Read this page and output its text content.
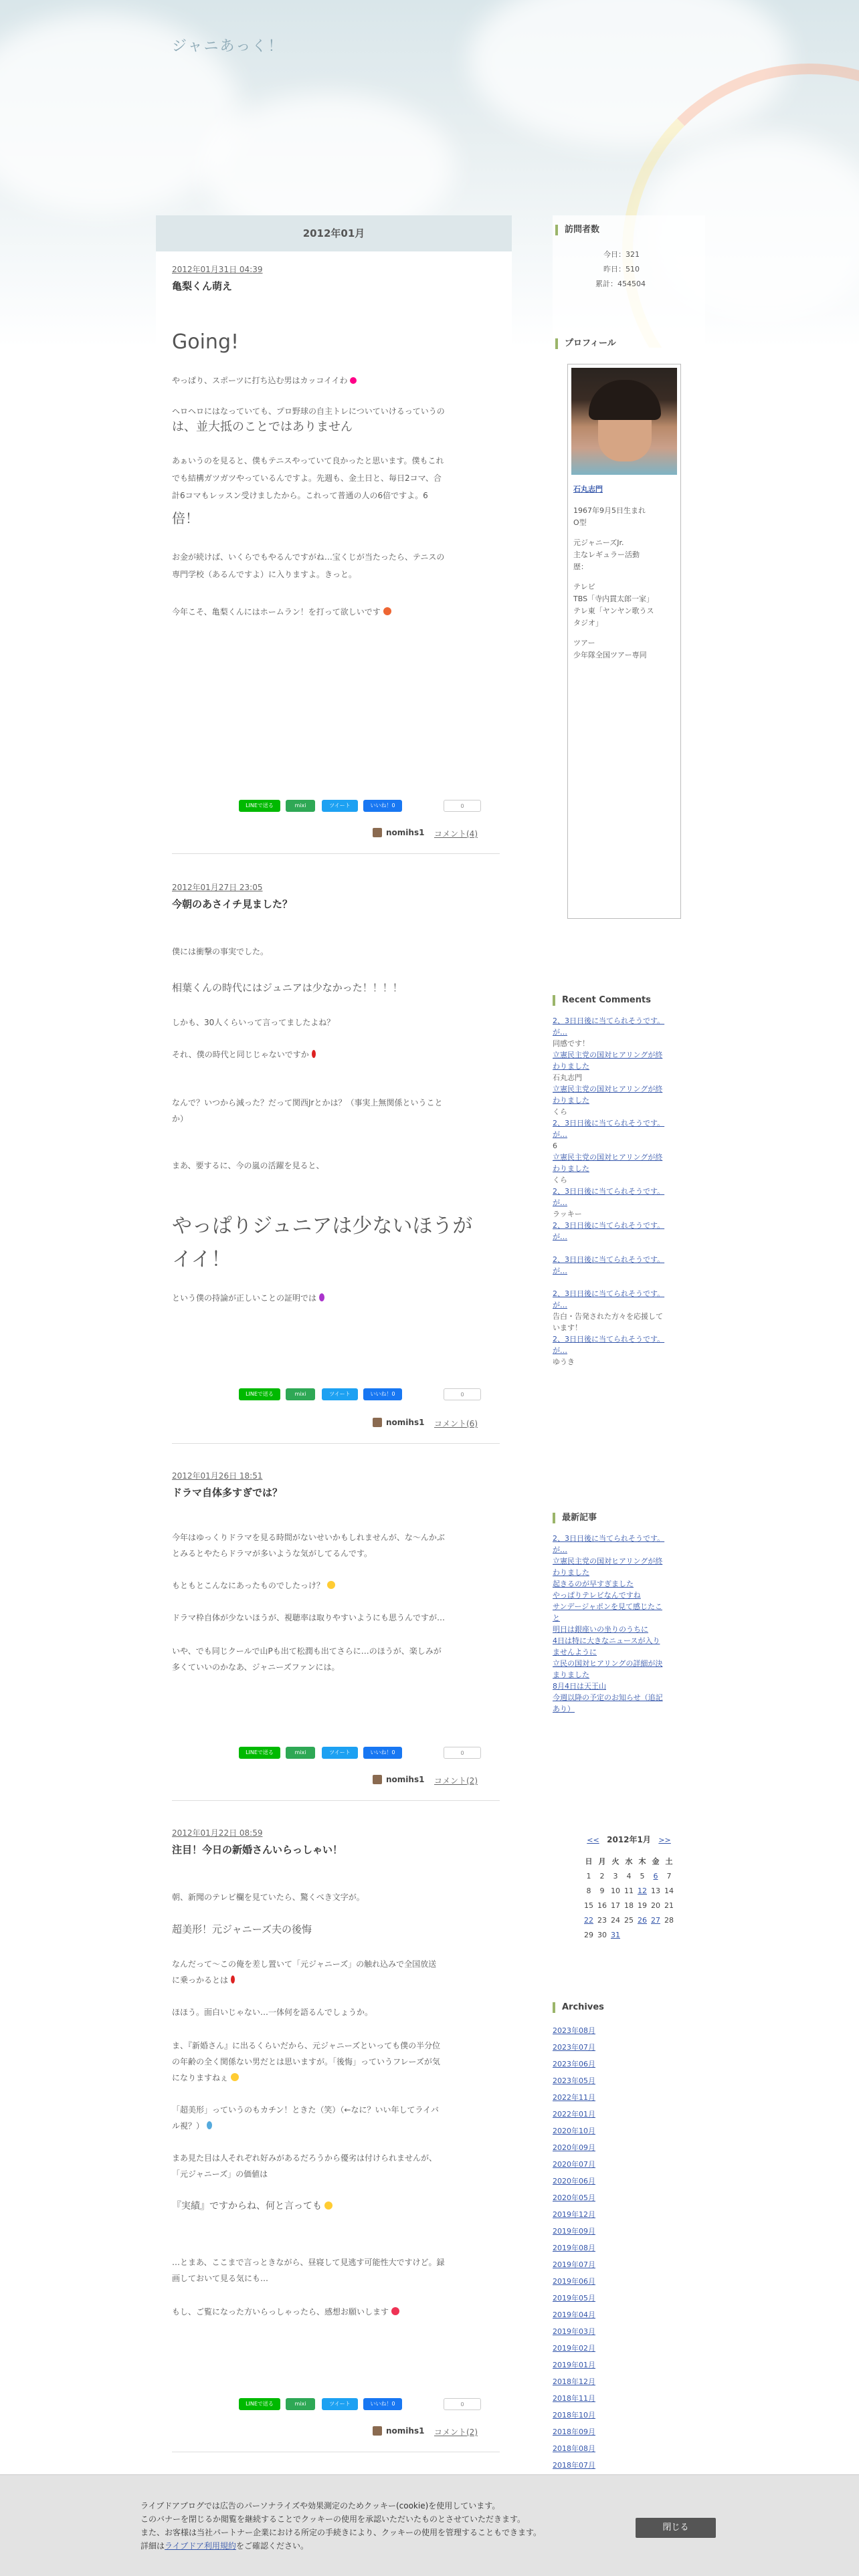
ジャニあっく！
2012年01月
2012年01月31日 04:39
亀梨くん萌え
Going!
やっぱり、スポーツに打ち込む男はカッコイイわ
ヘロヘロにはなっていても、プロ野球の自主トレについていけるっていうの
は、並大抵のことではありません
あぁいうのを見ると、僕もテニスやっていて良かったと思います。僕もこれ
でも結構ガツガツやっているんですよ。先週も、金土日と、毎日2コマ、合
計6コマもレッスン受けましたから。これって普通の人の6倍ですよ。6
倍！
お金が続けば、いくらでもやるんですがね…宝くじが当たったら、テニスの
専門学校（あるんですよ）に入りますよ。きっと。
今年こそ、亀梨くんにはホームラン！を打って欲しいです
LINEで送る	mixi	ツイート	いいね！0	0
nomihs1 コメント(4)
2012年01月27日 23:05
今朝のあさイチ見ました？
僕には衝撃の事実でした。
相葉くんの時代にはジュニアは少なかった！！！！
しかも、30人くらいって言ってましたよね？
それ、僕の時代と同じじゃないですか
なんで？いつから減った？だって関西Jrとかは？（事実上無関係ということ
か）
まあ、要するに、今の嵐の活躍を見ると、
やっぱりジュニアは少ないほうが
イイ！
という僕の持論が正しいことの証明では
LINEで送る	mixi	ツイート	いいね！0	0
nomihs1 コメント(6)
2012年01月26日 18:51
ドラマ自体多すぎでは？
今年はゆっくりドラマを見る時間がないせいかもしれませんが、な〜んかぶ
とみるとやたらドラマが多いような気がしてるんです。
もともとこんなにあったものでしたっけ？
ドラマ枠自体が少ないほうが、視聴率は取りやすいようにも思うんですが…
いや、でも同じクールで山Pも出て松潤も出てさらに…のほうが、楽しみが
多くていいのかなあ、ジャニーズファンには。
LINEで送る	mixi	ツイート	いいね！0	0
nomihs1 コメント(2)
2012年01月22日 08:59
注目！今日の新婚さんいらっしゃい！
朝、新聞のテレビ欄を見ていたら、驚くべき文字が。
超美形！元ジャニーズ夫の後悔
なんだって〜この俺を差し置いて「元ジャニーズ」の触れ込みで全国放送
に乗っかるとは
ほほう。面白いじゃない…一体何を語るんでしょうか。
ま、『新婚さん』に出るくらいだから、元ジャニーズといっても僕の半分位
の年齢の全く関係ない男だとは思いますが。「後悔」っていうフレーズが気
になりますねぇ
「超美形」っていうのもカチン！ときた（笑）（←なに？いい年してライバ
ル視？）
まあ見た目は人それぞれ好みがあるだろうから優劣は付けられませんが、
「元ジャニーズ」の価値は
『実績』ですからね、何と言っても
…とまあ、ここまで言っときながら、昼寝して見逃す可能性大ですけど。録
画しておいて見る気にも…
もし、ご覧になった方いらっしゃったら、感想お願いします
LINEで送る	mixi	ツイート	いいね！0	0
nomihs1 コメント(2)
訪問者数
今日：321
昨日：510
累計：454504
プロフィール
石丸志門
1967年9月5日生まれ
O型
元ジャニーズJr.
主なレギュラー活動
歴：
テレビ
TBS「寺内貫太郎一家」
テレ東「ヤンヤン歌うス
タジオ」
ツアー
少年隊全国ツアー専同
Recent Comments
2、3日日後に当てられそうです。
が…
同感です！
立憲民主党の国対ヒアリングが終
わりました
石丸志門
立憲民主党の国対ヒアリングが終
わりました
くら
2、3日日後に当てられそうです。
が…
6
立憲民主党の国対ヒアリングが終
わりました
くら
2、3日日後に当てられそうです。
が…
ラッキー
2、3日日後に当てられそうです。
が…
2、3日日後に当てられそうです。
が…
2、3日日後に当てられそうです。
が…
告白・告発された方々を応援して
います！
2、3日日後に当てられそうです。
が…
ゆうき
最新記事
2、3日日後に当てられそうです。
が…
立憲民主党の国対ヒアリングが終
わりました
起きるのが早すぎました
やっぱりテレビなんですね
サンデージャポンを見て感じたこ
と
明日は銀座いの坐りのうちに
4日は特に大きなニュースが入り
ませんように
立民の国対ヒアリングの詳細が決
まりました
8月4日は天王山
今週以降の予定のお知らせ（追記
あり）
<< 2012年1月 >>
日	月	火	水	木	金	土
1	2	3	4	5	6	7
8	9	10	11	12	13	14
15	16	17	18	19	20	21
22	23	24	25	26	27	28
29	30	31				
Archives
2023年08月
2023年07月
2023年06月
2023年05月
2022年11月
2022年01月
2020年10月
2020年09月
2020年07月
2020年06月
2020年05月
2019年12月
2019年09月
2019年08月
2019年07月
2019年06月
2019年05月
2019年04月
2019年03月
2019年02月
2019年01月
2018年12月
2018年11月
2018年10月
2018年09月
2018年08月
2018年07月
ライブドアブログでは広告のパーソナライズや効果測定のためクッキー(cookie)を使用しています。
このバナーを閉じるか閲覧を継続することでクッキーの使用を承認いただいたものとさせていただきます。
また、お客様は当社パートナー企業における所定の手続きにより、クッキーの使用を管理することもできます。
詳細はライブドア利用規約をご確認ください。
閉じる
